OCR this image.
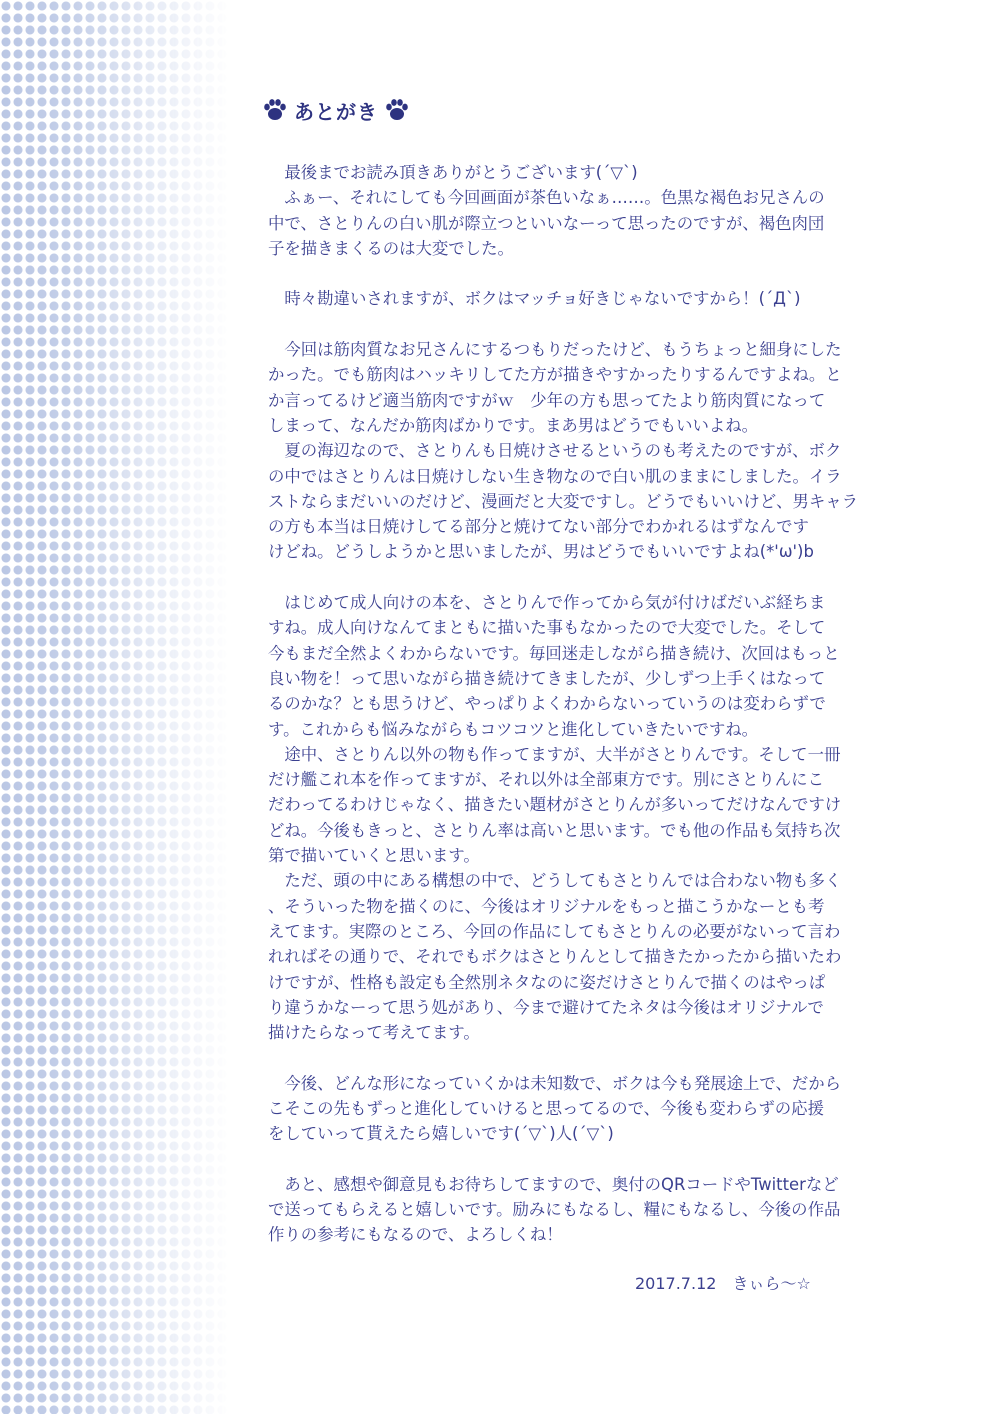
あとがき
　最後までお読み頂きありがとうございます(´▽`)
　ふぁー、それにしても今回画面が茶色いなぁ……。色黒な褐色お兄さんの
中で、さとりんの白い肌が際立つといいなーって思ったのですが、褐色肉団
子を描きまくるのは大変でした。
　時々勘違いされますが、ボクはマッチョ好きじゃないですから！(´Д`)
　今回は筋肉質なお兄さんにするつもりだったけど、もうちょっと細身にした
かった。でも筋肉はハッキリしてた方が描きやすかったりするんですよね。と
か言ってるけど適当筋肉ですがｗ　少年の方も思ってたより筋肉質になって
しまって、なんだか筋肉ばかりです。まあ男はどうでもいいよね。
　夏の海辺なので、さとりんも日焼けさせるというのも考えたのですが、ボク
の中ではさとりんは日焼けしない生き物なので白い肌のままにしました。イラ
ストならまだいいのだけど、漫画だと大変ですし。どうでもいいけど、男キャラ
の方も本当は日焼けしてる部分と焼けてない部分でわかれるはずなんです
けどね。どうしようかと思いましたが、男はどうでもいいですよね(*'ω')b
　はじめて成人向けの本を、さとりんで作ってから気が付けばだいぶ経ちま
すね。成人向けなんてまともに描いた事もなかったので大変でした。そして
今もまだ全然よくわからないです。毎回迷走しながら描き続け、次回はもっと
良い物を！って思いながら描き続けてきましたが、少しずつ上手くはなって
るのかな？とも思うけど、やっぱりよくわからないっていうのは変わらずで
す。これからも悩みながらもコツコツと進化していきたいですね。
　途中、さとりん以外の物も作ってますが、大半がさとりんです。そして一冊
だけ艦これ本を作ってますが、それ以外は全部東方です。別にさとりんにこ
だわってるわけじゃなく、描きたい題材がさとりんが多いってだけなんですけ
どね。今後もきっと、さとりん率は高いと思います。でも他の作品も気持ち次
第で描いていくと思います。
　ただ、頭の中にある構想の中で、どうしてもさとりんでは合わない物も多く
、そういった物を描くのに、今後はオリジナルをもっと描こうかなーとも考
えてます。実際のところ、今回の作品にしてもさとりんの必要がないって言わ
れればその通りで、それでもボクはさとりんとして描きたかったから描いたわ
けですが、性格も設定も全然別ネタなのに姿だけさとりんで描くのはやっぱ
り違うかなーって思う処があり、今まで避けてたネタは今後はオリジナルで
描けたらなって考えてます。
　今後、どんな形になっていくかは未知数で、ボクは今も発展途上で、だから
こそこの先もずっと進化していけると思ってるので、今後も変わらずの応援
をしていって貰えたら嬉しいです(´▽`)人(´▽`)
　あと、感想や御意見もお待ちしてますので、奥付のQRコードやTwitterなど
で送ってもらえると嬉しいです。励みにもなるし、糧にもなるし、今後の作品
作りの参考にもなるので、よろしくね！
2017.7.12 きぃら～☆
